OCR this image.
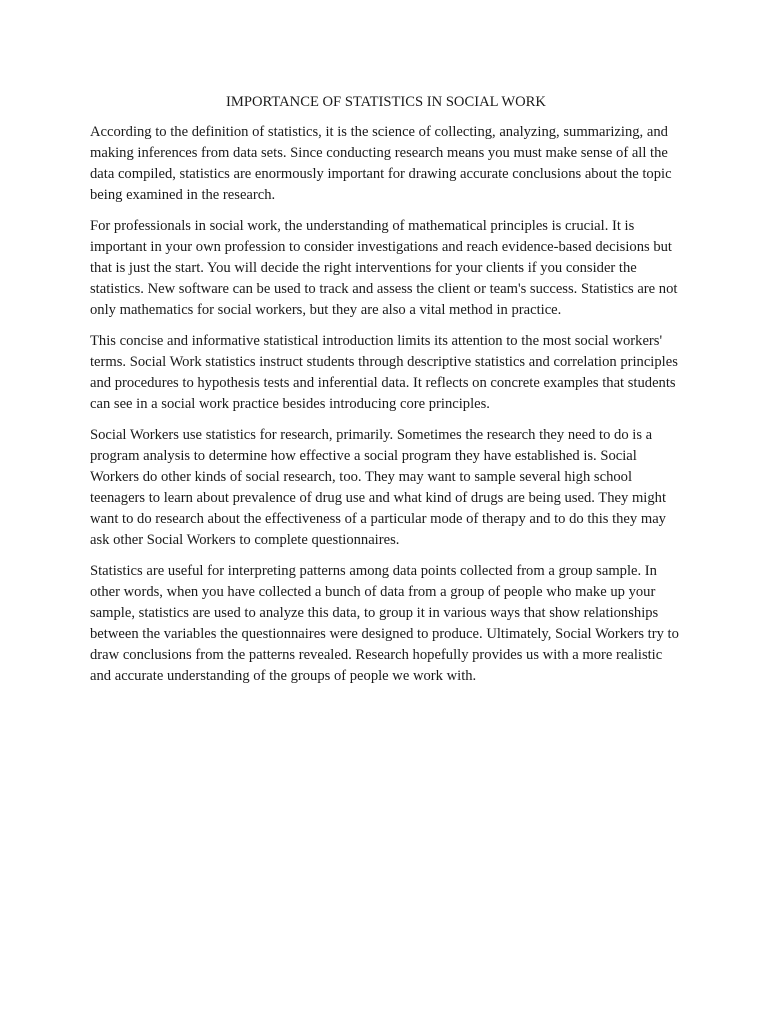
IMPORTANCE OF STATISTICS IN SOCIAL WORK

According to the definition of statistics, it is the science of collecting, analyzing, summarizing, and making inferences from data sets. Since conducting research means you must make sense of all the data compiled, statistics are enormously important for drawing accurate conclusions about the topic being examined in the research.

For professionals in social work, the understanding of mathematical principles is crucial. It is important in your own profession to consider investigations and reach evidence-based decisions but that is just the start. You will decide the right interventions for your clients if you consider the statistics. New software can be used to track and assess the client or team's success. Statistics are not only mathematics for social workers, but they are also a vital method in practice.

This concise and informative statistical introduction limits its attention to the most social workers' terms. Social Work statistics instruct students through descriptive statistics and correlation principles and procedures to hypothesis tests and inferential data. It reflects on concrete examples that students can see in a social work practice besides introducing core principles.

Social Workers use statistics for research, primarily. Sometimes the research they need to do is a program analysis to determine how effective a social program they have established is. Social Workers do other kinds of social research, too. They may want to sample several high school teenagers to learn about prevalence of drug use and what kind of drugs are being used. They might want to do research about the effectiveness of a particular mode of therapy and to do this they may ask other Social Workers to complete questionnaires.

Statistics are useful for interpreting patterns among data points collected from a group sample. In other words, when you have collected a bunch of data from a group of people who make up your sample, statistics are used to analyze this data, to group it in various ways that show relationships between the variables the questionnaires were designed to produce. Ultimately, Social Workers try to draw conclusions from the patterns revealed. Research hopefully provides us with a more realistic and accurate understanding of the groups of people we work with.
